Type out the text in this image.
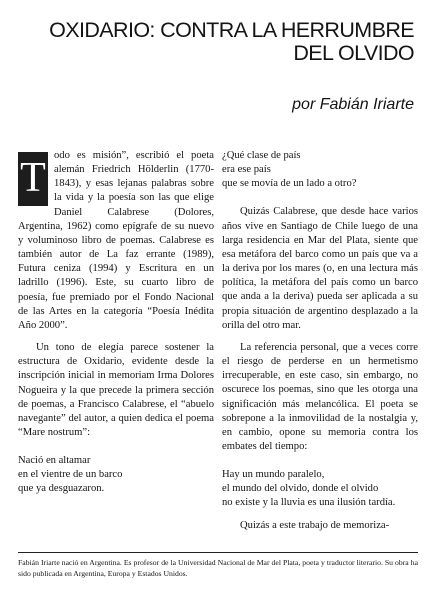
OXIDARIO: CONTRA LA HERRUMBRE
DEL OLVIDO

por Fabián Iriarte

T odo es misión”, escribió el poeta alemán Friedrich Hölderlin (1770-1843), y esas lejanas palabras sobre la vida y la poesía son las que elige Daniel Calabrese (Dolores, Argentina, 1962) como epígrafe de su nuevo y voluminoso libro de poemas. Calabrese es también autor de La faz errante (1989), Futura ceniza (1994) y Escritura en un ladrillo (1996). Este, su cuarto libro de poesía, fue premiado por el Fondo Nacional de las Artes en la categoría “Poesía Inédita Año 2000”.

Un tono de elegía parece sostener la estructura de Oxidario, evidente desde la inscripción inicial in memoriam Irma Dolores Nogueira y la que precede la primera sección de poemas, a Francisco Calabrese, el “abuelo navegante” del autor, a quien dedica el poema “Mare nostrum”:

Nació en altamar
en el vientre de un barco
que ya desguazaron.
¿Qué clase de país
era ese país
que se movía de un lado a otro?

Quizás Calabrese, que desde hace varios años vive en Santiago de Chile luego de una larga residencia en Mar del Plata, siente que esa metáfora del barco como un país que va a la deriva por los mares (o, en una lectura más política, la metáfora del país como un barco que anda a la deriva) pueda ser aplicada a su propia situación de argentino desplazado a la orilla del otro mar.

La referencia personal, que a veces corre el riesgo de perderse en un hermetismo irrecuperable, en este caso, sin embargo, no oscurece los poemas, sino que les otorga una significación más melancólica. El poeta se sobrepone a la inmovilidad de la nostalgia y, en cambio, opone su memoria contra los embates del tiempo:

Hay un mundo paralelo,
el mundo del olvido, donde el olvido
no existe y la lluvia es una ilusión tardía.

Quizás a este trabajo de memoriza-

Fabián Iriarte nació en Argentina. Es profesor de la Universidad Nacional de Mar del Plata, poeta y traductor literario. Su obra ha sido publicada en Argentina, Europa y Estados Unidos.
